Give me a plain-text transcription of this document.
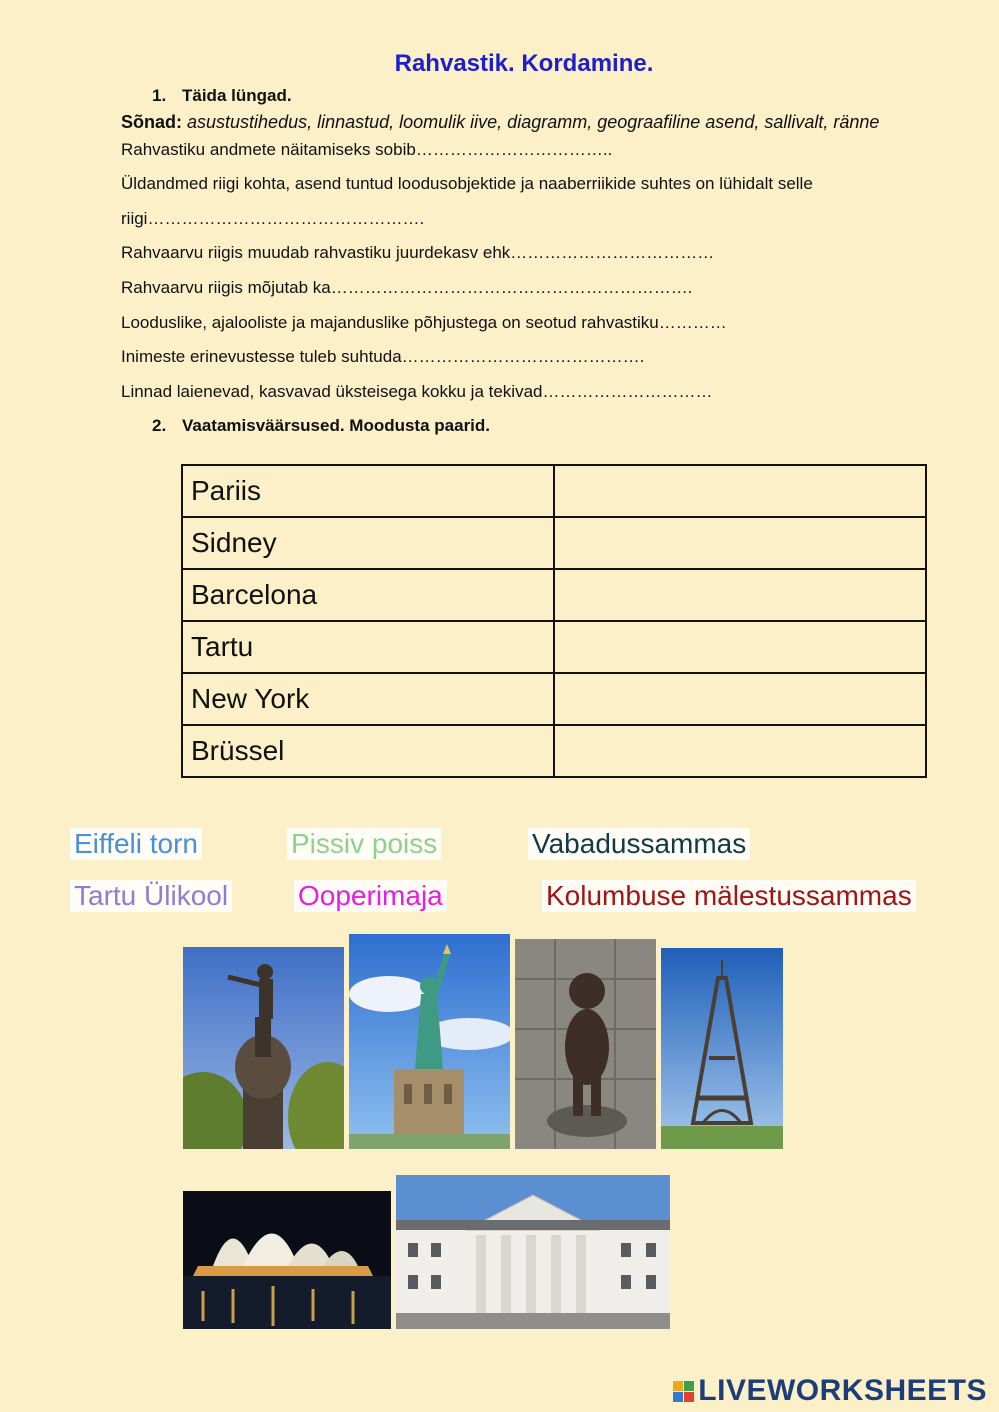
Rahvastik. Kordamine.
1. Täida lüngad.
Sõnad: asustustihedus, linnastud, loomulik iive, diagramm, geograafiline asend, sallivalt, ränne
Rahvastiku andmete näitamiseks sobib……………………………..
Üldandmed riigi kohta, asend tuntud loodusobjektide ja naaberriikide suhtes on lühidalt selle
riigi………………………………………….
Rahvaarvu riigis muudab rahvastiku juurdekasv ehk………………………………
Rahvaarvu riigis mõjutab ka……………………………………………………….
Looduslike, ajalooliste ja majanduslike põhjustega on seotud rahvastiku…………
Inimeste erinevustesse tuleb suhtuda…………………………………….
Linnad laienevad, kasvavad üksteisega kokku ja tekivad…………………………
2. Vaatamisväärsused. Moodusta paarid.
Pariis	
Sidney	
Barcelona	
Tartu	
New York	
Brüssel	
Eiffeli torn	Pissiv poiss	Vabadussammas
Tartu Ülikool Ooperimaja	Kolumbuse mälestussammas
LIVEWORKSHEETS
